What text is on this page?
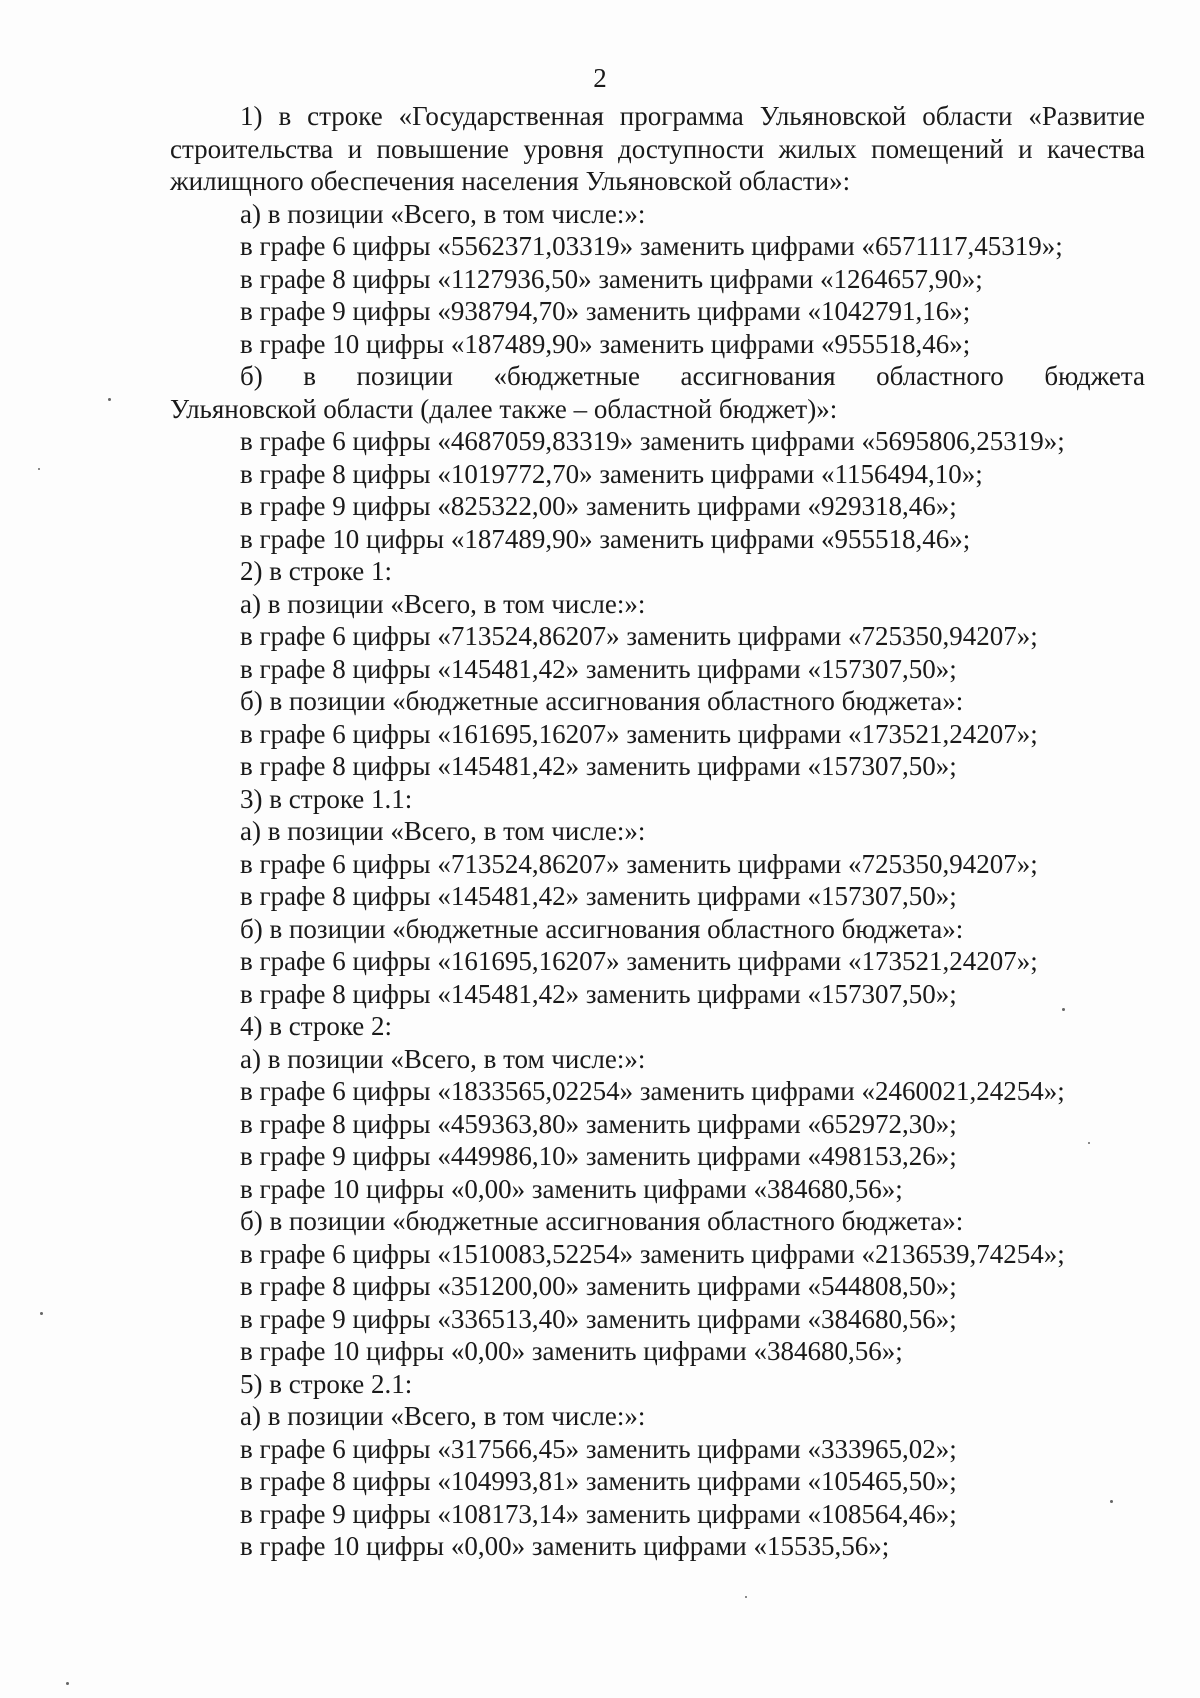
2
1) в строке «Государственная программа Ульяновской области «Развитие
строительства и повышение уровня доступности жилых помещений и качества
жилищного обеспечения населения Ульяновской области»:
а) в позиции «Всего, в том числе:»:
в графе 6 цифры «5562371,03319» заменить цифрами «6571117,45319»;
в графе 8 цифры «1127936,50» заменить цифрами «1264657,90»;
в графе 9 цифры «938794,70» заменить цифрами «1042791,16»;
в графе 10 цифры «187489,90» заменить цифрами «955518,46»;
б) в позиции «бюджетные ассигнования областного бюджета
Ульяновской области (далее также – областной бюджет)»:
в графе 6 цифры «4687059,83319» заменить цифрами «5695806,25319»;
в графе 8 цифры «1019772,70» заменить цифрами «1156494,10»;
в графе 9 цифры «825322,00» заменить цифрами «929318,46»;
в графе 10 цифры «187489,90» заменить цифрами «955518,46»;
2) в строке 1:
а) в позиции «Всего, в том числе:»:
в графе 6 цифры «713524,86207» заменить цифрами «725350,94207»;
в графе 8 цифры «145481,42» заменить цифрами «157307,50»;
б) в позиции «бюджетные ассигнования областного бюджета»:
в графе 6 цифры «161695,16207» заменить цифрами «173521,24207»;
в графе 8 цифры «145481,42» заменить цифрами «157307,50»;
3) в строке 1.1:
а) в позиции «Всего, в том числе:»:
в графе 6 цифры «713524,86207» заменить цифрами «725350,94207»;
в графе 8 цифры «145481,42» заменить цифрами «157307,50»;
б) в позиции «бюджетные ассигнования областного бюджета»:
в графе 6 цифры «161695,16207» заменить цифрами «173521,24207»;
в графе 8 цифры «145481,42» заменить цифрами «157307,50»;
4) в строке 2:
а) в позиции «Всего, в том числе:»:
в графе 6 цифры «1833565,02254» заменить цифрами «2460021,24254»;
в графе 8 цифры «459363,80» заменить цифрами «652972,30»;
в графе 9 цифры «449986,10» заменить цифрами «498153,26»;
в графе 10 цифры «0,00» заменить цифрами «384680,56»;
б) в позиции «бюджетные ассигнования областного бюджета»:
в графе 6 цифры «1510083,52254» заменить цифрами «2136539,74254»;
в графе 8 цифры «351200,00» заменить цифрами «544808,50»;
в графе 9 цифры «336513,40» заменить цифрами «384680,56»;
в графе 10 цифры «0,00» заменить цифрами «384680,56»;
5) в строке 2.1:
а) в позиции «Всего, в том числе:»:
в графе 6 цифры «317566,45» заменить цифрами «333965,02»;
в графе 8 цифры «104993,81» заменить цифрами «105465,50»;
в графе 9 цифры «108173,14» заменить цифрами «108564,46»;
в графе 10 цифры «0,00» заменить цифрами «15535,56»;
